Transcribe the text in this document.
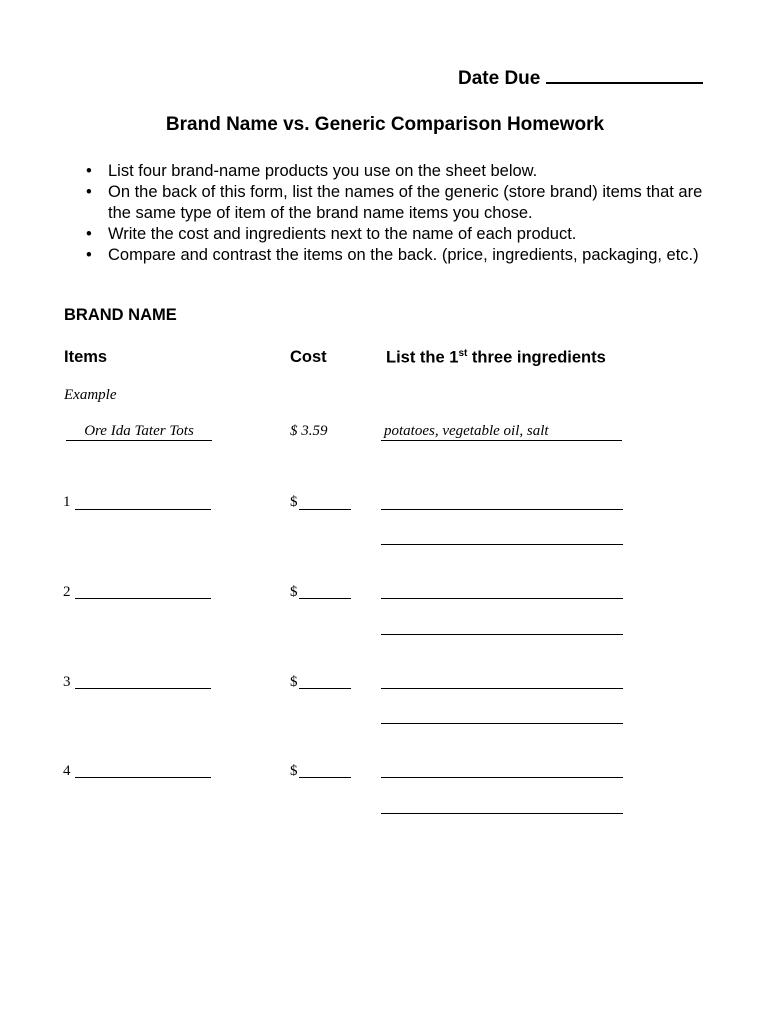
Date Due
Brand Name vs. Generic Comparison Homework
• List four brand-name products you use on the sheet below.
• On the back of this form, list the names of the generic (store brand) items that are the same type of item of the brand name items you chose.
• Write the cost and ingredients next to the name of each product.
• Compare and contrast the items on the back. (price, ingredients, packaging, etc.)
BRAND NAME
Items	Cost	List the 1st three ingredients
Example
Ore Ida Tater Tots	$ 3.59	potatoes, vegetable oil, salt
1	$
2	$
3	$
4	$
